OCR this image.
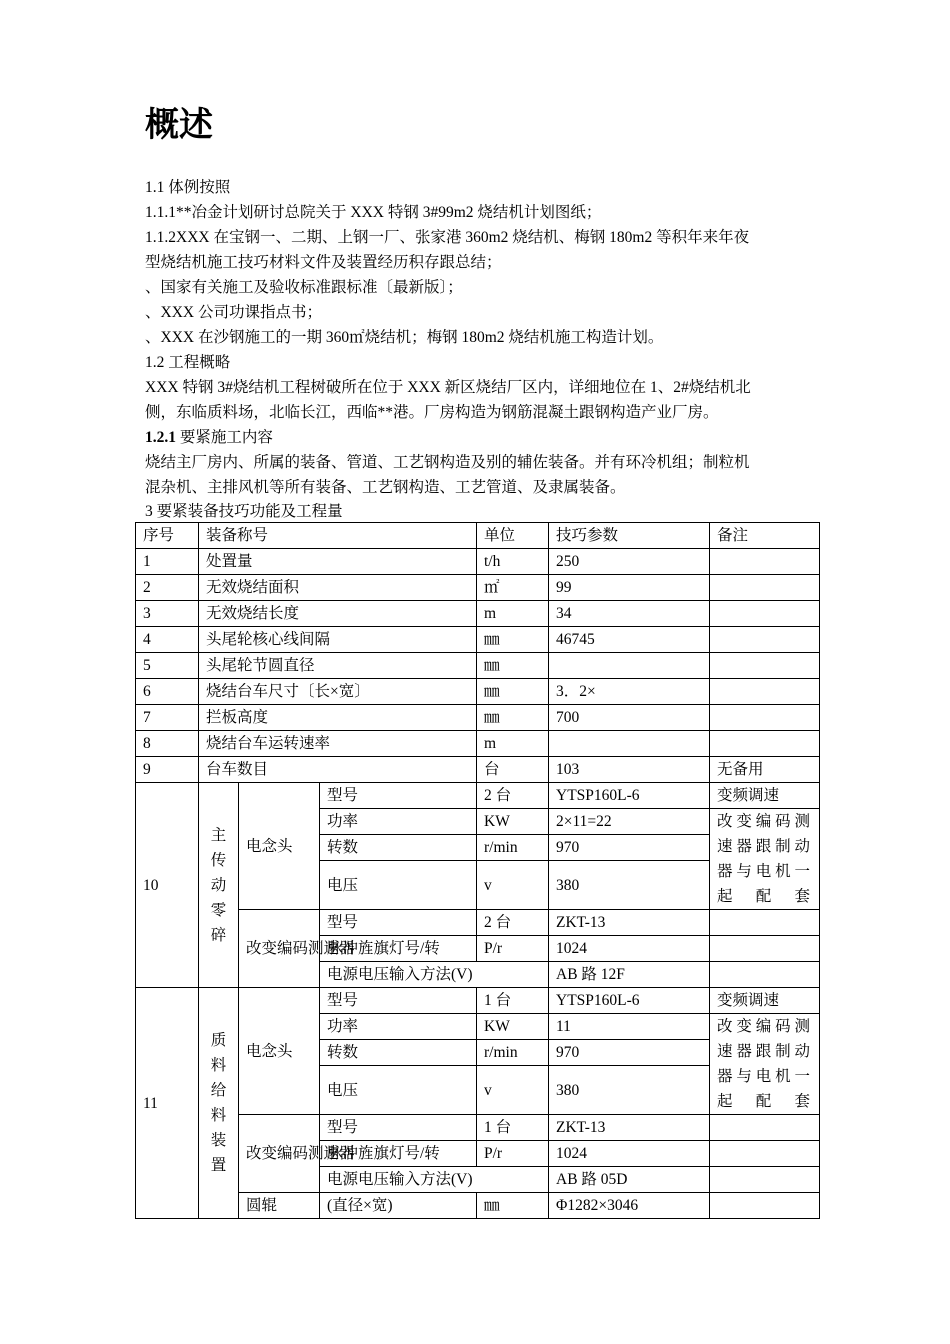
概述

1.1 体例按照

1.1.1**冶金计划研讨总院关于 XXX 特钢 3#99m2 烧结机计划图纸；

1.1.2XXX 在宝钢一、二期、上钢一厂、张家港 360m2 烧结机、梅钢 180m2 等积年来年夜

型烧结机施工技巧材料文件及装置经历积存跟总结；

、国家有关施工及验收标准跟标准〔最新版〕；

、XXX 公司功课指点书；

、XXX 在沙钢施工的一期 360㎡烧结机；梅钢 180m2 烧结机施工构造计划。

1.2 工程概略

XXX 特钢 3#烧结机工程树破所在位于 XXX 新区烧结厂区内，详细地位在 1、2#烧结机北

侧，东临质料场，北临长江，西临**港。厂房构造为钢筋混凝土跟钢构造产业厂房。

1.2.1 要紧施工内容

烧结主厂房内、所属的装备、管道、工艺钢构造及别的辅佐装备。并有环冷机组；制粒机

混杂机、主排风机等所有装备、工艺钢构造、工艺管道、及隶属装备。

3 要紧装备技巧功能及工程量

序号	装备称号			单位	技巧参数	备注
1	处置量			t/h	250	
2	无效烧结面积			㎡	99	
3	无效烧结长度			m	34	
4	头尾轮核心线间隔			㎜	46745	
5	头尾轮节圆直径			㎜		
6	烧结台车尺寸〔长×宽〕			㎜	3．2×	
7	拦板高度			㎜	700	
8	烧结台车运转速率			m		
9	台车数目			台	103	无备用
10	主传动零碎	电念头	型号	2 台	YTSP160L-6	变频调速
			功率	KW	2×11=22	改变编码测速器跟制动器与电机一起配套
			转数	r/min	970	
			电压	v	380	

		改变编码测速器	型号	2 台	ZKT-13	
			脉冲旌旗灯号/转	P/r	1024	
			电源电压输入方法(V)		AB 路 12F	
11	质料给料装置	电念头	型号	1 台	YTSP160L-6	变频调速
			功率	KW	11	改变编码测速器跟制动器与电机一起配套
			转数	r/min	970	
			电压	v	380	

		改变编码测速器	型号	1 台	ZKT-13	
			脉冲旌旗灯号/转	P/r	1024	
			电源电压输入方法(V)		AB 路 05D	
		圆辊	(直径×宽)	㎜	Φ1282×3046	
